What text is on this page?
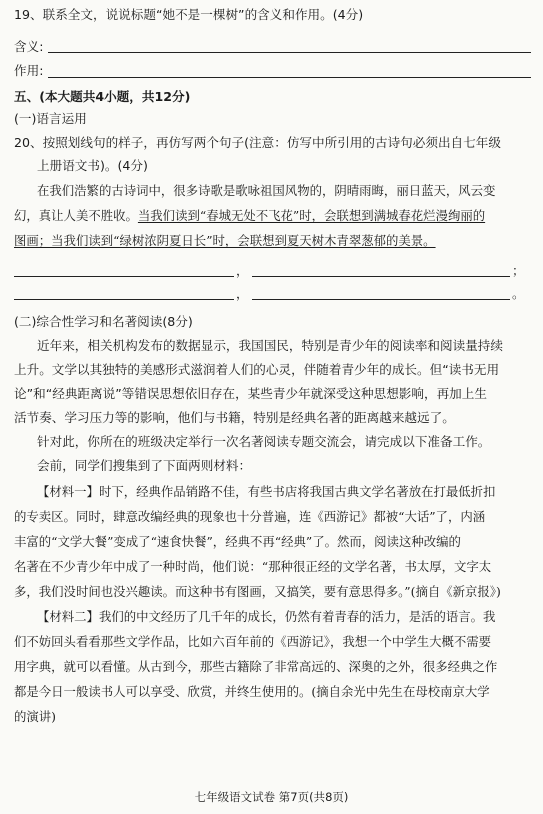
19、联系全文，说说标题“她不是一棵树”的含义和作用。(4分)
含义:
作用:
五、(本大题共4小题，共12分)
(一)语言运用
20、按照划线句的样子，再仿写两个句子(注意：仿写中所引用的古诗句必须出自七年级
上册语文书)。(4分)
在我们浩繁的古诗词中，很多诗歌是歌咏祖国风物的，阴晴雨晦，丽日蓝天，风云变
幻，真让人美不胜收。当我们读到“春城无处不飞花”时，会联想到满城春花烂漫绚丽的
图画；当我们读到“绿树浓阴夏日长”时，会联想到夏天树木青翠葱郁的美景。
，	；
，	。
(二)综合性学习和名著阅读(8分)
近年来，相关机构发布的数据显示，我国国民，特别是青少年的阅读率和阅读量持续
上升。文学以其独特的美感形式滋润着人们的心灵，伴随着青少年的成长。但“读书无用
论”和“经典距离说”等错误思想依旧存在，某些青少年就深受这种思想影响，再加上生
活节奏、学习压力等的影响，他们与书籍，特别是经典名著的距离越来越远了。
针对此，你所在的班级决定举行一次名著阅读专题交流会，请完成以下准备工作。
会前，同学们搜集到了下面两则材料：
【材料一】时下，经典作品销路不佳，有些书店将我国古典文学名著放在打最低折扣
的专卖区。同时，肆意改编经典的现象也十分普遍，连《西游记》都被“大话”了，内涵
丰富的“文学大餐”变成了“速食快餐”，经典不再“经典”了。然而，阅读这种改编的
名著在不少青少年中成了一种时尚，他们说：“那种很正经的文学名著，书太厚，文字太
多，我们没时间也没兴趣读。而这种书有图画，又搞笑，要有意思得多。”(摘自《新京报》)
【材料二】我们的中文经历了几千年的成长，仍然有着青春的活力，是活的语言。我
们不妨回头看看那些文学作品，比如六百年前的《西游记》，我想一个中学生大概不需要
用字典，就可以看懂。从古到今，那些古籍除了非常高远的、深奥的之外，很多经典之作
都是今日一般读书人可以享受、欣赏，并终生使用的。(摘自余光中先生在母校南京大学
的演讲)
七年级语文试卷 第7页(共8页)
